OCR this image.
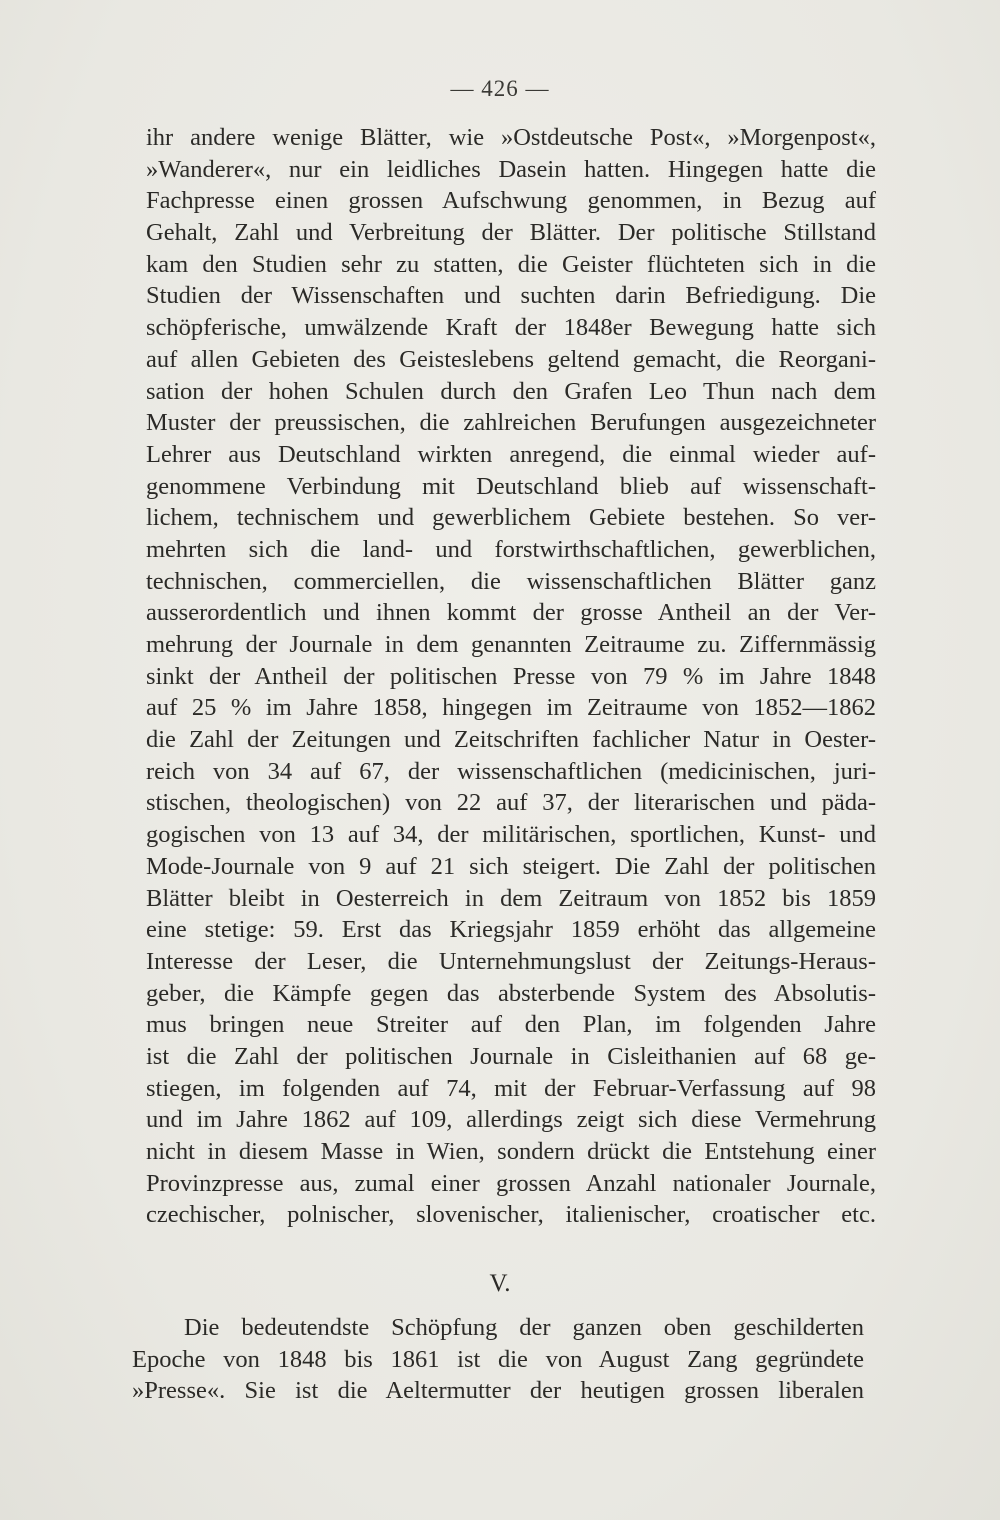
— 426 —
ihr andere wenige Blätter, wie »Ostdeutsche Post«, »Morgenpost«,
»Wanderer«, nur ein leidliches Dasein hatten. Hingegen hatte die
Fachpresse einen grossen Aufschwung genommen, in Bezug auf
Gehalt, Zahl und Verbreitung der Blätter. Der politische Stillstand
kam den Studien sehr zu statten, die Geister flüchteten sich in die
Studien der Wissenschaften und suchten darin Befriedigung. Die
schöpferische, umwälzende Kraft der 1848er Bewegung hatte sich
auf allen Gebieten des Geisteslebens geltend gemacht, die Reorgani-
sation der hohen Schulen durch den Grafen Leo Thun nach dem
Muster der preussischen, die zahlreichen Berufungen ausgezeichneter
Lehrer aus Deutschland wirkten anregend, die einmal wieder auf-
genommene Verbindung mit Deutschland blieb auf wissenschaft-
lichem, technischem und gewerblichem Gebiete bestehen. So ver-
mehrten sich die land- und forstwirthschaftlichen, gewerblichen,
technischen, commerciellen, die wissenschaftlichen Blätter ganz
ausserordentlich und ihnen kommt der grosse Antheil an der Ver-
mehrung der Journale in dem genannten Zeitraume zu. Ziffernmässig
sinkt der Antheil der politischen Presse von 79 % im Jahre 1848
auf 25 % im Jahre 1858, hingegen im Zeitraume von 1852—1862
die Zahl der Zeitungen und Zeitschriften fachlicher Natur in Oester-
reich von 34 auf 67, der wissenschaftlichen (medicinischen, juri-
stischen, theologischen) von 22 auf 37, der literarischen und päda-
gogischen von 13 auf 34, der militärischen, sportlichen, Kunst- und
Mode-Journale von 9 auf 21 sich steigert. Die Zahl der politischen
Blätter bleibt in Oesterreich in dem Zeitraum von 1852 bis 1859
eine stetige: 59. Erst das Kriegsjahr 1859 erhöht das allgemeine
Interesse der Leser, die Unternehmungslust der Zeitungs-Heraus-
geber, die Kämpfe gegen das absterbende System des Absolutis-
mus bringen neue Streiter auf den Plan, im folgenden Jahre
ist die Zahl der politischen Journale in Cisleithanien auf 68 ge-
stiegen, im folgenden auf 74, mit der Februar-Verfassung auf 98
und im Jahre 1862 auf 109, allerdings zeigt sich diese Vermehrung
nicht in diesem Masse in Wien, sondern drückt die Entstehung einer
Provinzpresse aus, zumal einer grossen Anzahl nationaler Journale,
czechischer, polnischer, slovenischer, italienischer, croatischer etc.
V.
Die bedeutendste Schöpfung der ganzen oben geschilderten
Epoche von 1848 bis 1861 ist die von August Zang gegründete
»Presse«. Sie ist die Aeltermutter der heutigen grossen liberalen
